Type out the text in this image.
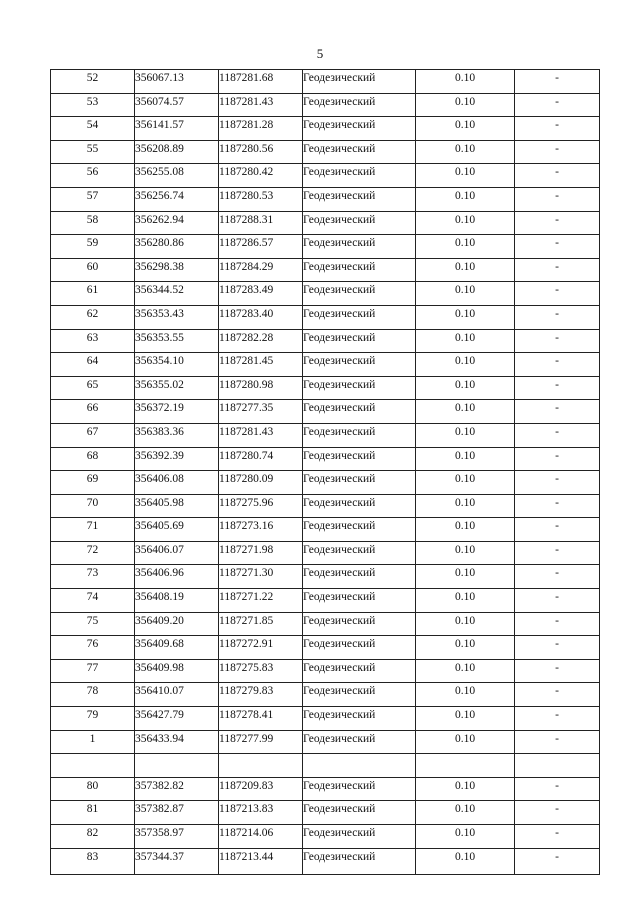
5
52	356067.13	1187281.68	Геодезический	0.10	-
53	356074.57	1187281.43	Геодезический	0.10	-
54	356141.57	1187281.28	Геодезический	0.10	-
55	356208.89	1187280.56	Геодезический	0.10	-
56	356255.08	1187280.42	Геодезический	0.10	-
57	356256.74	1187280.53	Геодезический	0.10	-
58	356262.94	1187288.31	Геодезический	0.10	-
59	356280.86	1187286.57	Геодезический	0.10	-
60	356298.38	1187284.29	Геодезический	0.10	-
61	356344.52	1187283.49	Геодезический	0.10	-
62	356353.43	1187283.40	Геодезический	0.10	-
63	356353.55	1187282.28	Геодезический	0.10	-
64	356354.10	1187281.45	Геодезический	0.10	-
65	356355.02	1187280.98	Геодезический	0.10	-
66	356372.19	1187277.35	Геодезический	0.10	-
67	356383.36	1187281.43	Геодезический	0.10	-
68	356392.39	1187280.74	Геодезический	0.10	-
69	356406.08	1187280.09	Геодезический	0.10	-
70	356405.98	1187275.96	Геодезический	0.10	-
71	356405.69	1187273.16	Геодезический	0.10	-
72	356406.07	1187271.98	Геодезический	0.10	-
73	356406.96	1187271.30	Геодезический	0.10	-
74	356408.19	1187271.22	Геодезический	0.10	-
75	356409.20	1187271.85	Геодезический	0.10	-
76	356409.68	1187272.91	Геодезический	0.10	-
77	356409.98	1187275.83	Геодезический	0.10	-
78	356410.07	1187279.83	Геодезический	0.10	-
79	356427.79	1187278.41	Геодезический	0.10	-
1	356433.94	1187277.99	Геодезический	0.10	-

80	357382.82	1187209.83	Геодезический	0.10	-
81	357382.87	1187213.83	Геодезический	0.10	-
82	357358.97	1187214.06	Геодезический	0.10	-
83	357344.37	1187213.44	Геодезический	0.10	-
